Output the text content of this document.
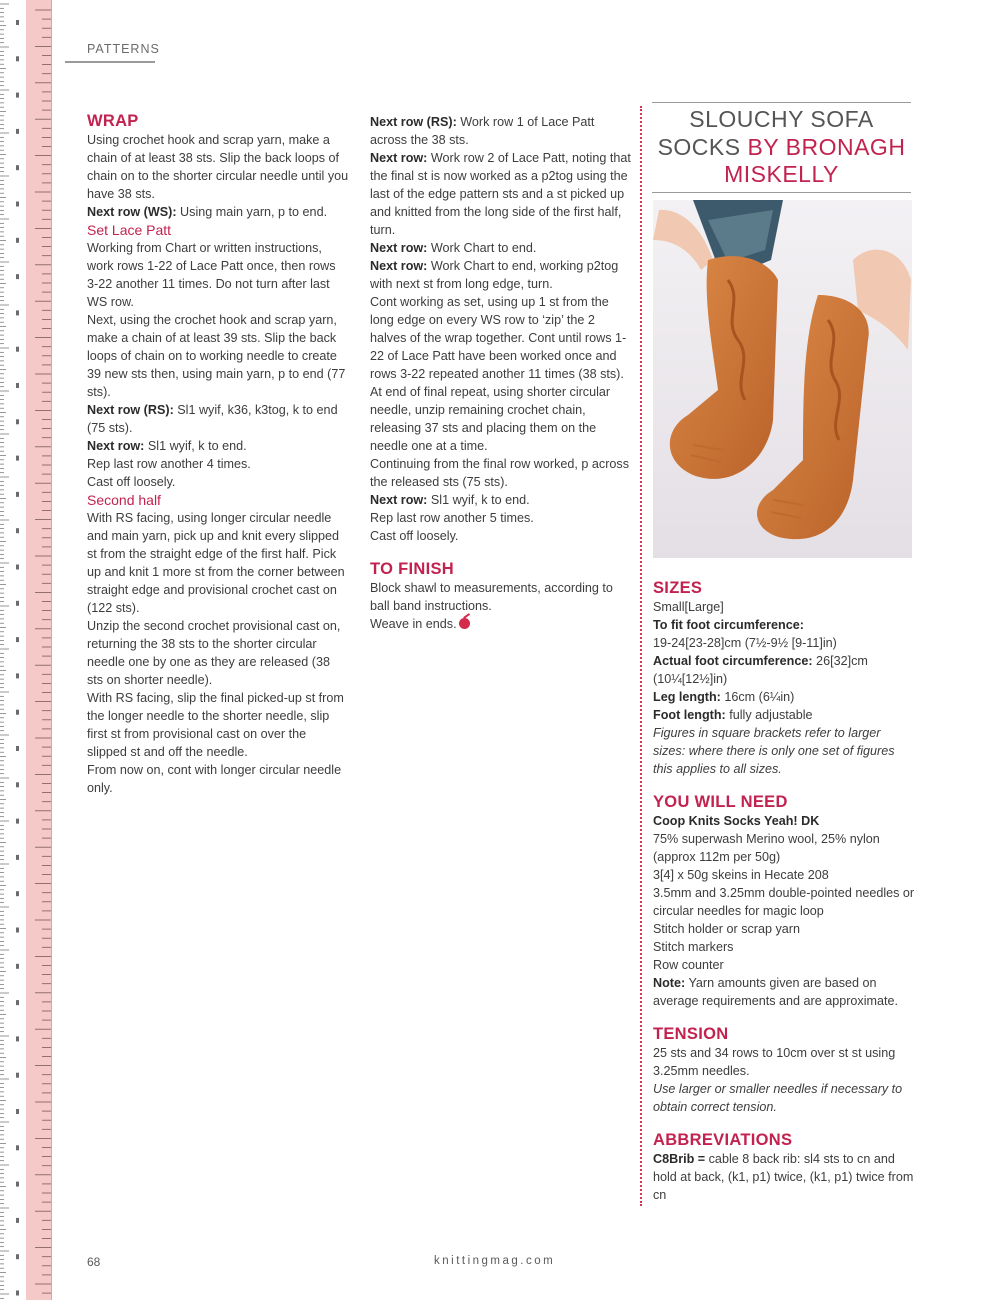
PATTERNS

WRAP

Using crochet hook and scrap yarn, make a chain of at least 38 sts. Slip the back loops of chain on to the shorter circular needle until you have 38 sts.

Next row (WS): Using main yarn, p to end.

Set Lace Patt

Working from Chart or written instructions, work rows 1-22 of Lace Patt once, then rows 3-22 another 11 times. Do not turn after last WS row.

Next, using the crochet hook and scrap yarn, make a chain of at least 39 sts. Slip the back loops of chain on to working needle to create 39 new sts then, using main yarn, p to end (77 sts).

Next row (RS): Sl1 wyif, k36, k3tog, k to end (75 sts).

Next row: Sl1 wyif, k to end.

Rep last row another 4 times.

Cast off loosely.

Second half

With RS facing, using longer circular needle and main yarn, pick up and knit every slipped st from the straight edge of the first half. Pick up and knit 1 more st from the corner between straight edge and provisional crochet cast on (122 sts).

Unzip the second crochet provisional cast on, returning the 38 sts to the shorter circular needle one by one as they are released (38 sts on shorter needle).

With RS facing, slip the final picked-up st from the longer needle to the shorter needle, slip first st from provisional cast on over the slipped st and off the needle.

From now on, cont with longer circular needle only.

Next row (RS): Work row 1 of Lace Patt across the 38 sts.

Next row: Work row 2 of Lace Patt, noting that the final st is now worked as a p2tog using the last of the edge pattern sts and a st picked up and knitted from the long side of the first half, turn.

Next row: Work Chart to end.

Next row: Work Chart to end, working p2tog with next st from long edge, turn.

Cont working as set, using up 1 st from the long edge on every WS row to ‘zip’ the 2 halves of the wrap together. Cont until rows 1-22 of Lace Patt have been worked once and rows 3-22 repeated another 11 times (38 sts).

At end of final repeat, using shorter circular needle, unzip remaining crochet chain, releasing 37 sts and placing them on the needle one at a time.

Continuing from the final row worked, p across the released sts (75 sts).

Next row: Sl1 wyif, k to end.

Rep last row another 5 times.

Cast off loosely.

TO FINISH

Block shawl to measurements, according to ball band instructions.

Weave in ends.

SLOUCHY SOFA
SOCKS BY BRONAGH
MISKELLY

SIZES

Small[Large]

To fit foot circumference:

19-24[23-28]cm (7½-9½ [9-11]in)

Actual foot circumference: 26[32]cm (10¼[12½]in)

Leg length: 16cm (6¼in)

Foot length: fully adjustable

Figures in square brackets refer to larger sizes: where there is only one set of figures this applies to all sizes.

YOU WILL NEED

Coop Knits Socks Yeah! DK

75% superwash Merino wool, 25% nylon (approx 112m per 50g)

3[4] x 50g skeins in Hecate 208

3.5mm and 3.25mm double-pointed needles or circular needles for magic loop

Stitch holder or scrap yarn

Stitch markers

Row counter

Note: Yarn amounts given are based on average requirements and are approximate.

TENSION

25 sts and 34 rows to 10cm over st st using 3.25mm needles.

Use larger or smaller needles if necessary to obtain correct tension.

ABBREVIATIONS

C8Brib = cable 8 back rib: sl4 sts to cn and hold at back, (k1, p1) twice, (k1, p1) twice from cn

68	knittingmag.com
